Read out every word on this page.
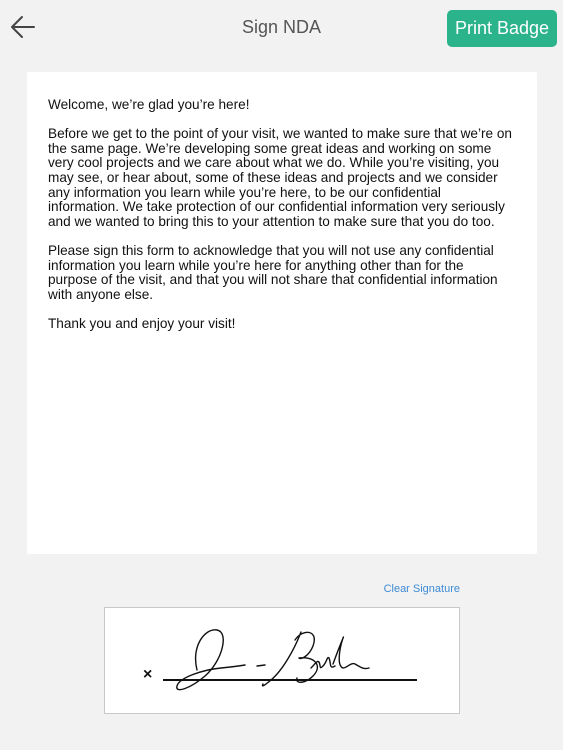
Sign NDA	Print Badge

Welcome, we’re glad you’re here!

Before we get to the point of your visit, we wanted to make sure that we’re on the same page. We’re developing some great ideas and working on some very cool projects and we care about what we do. While you’re visiting, you may see, or hear about, some of these ideas and projects and we consider any information you learn while you’re here, to be our confidential information. We take protection of our confidential information very seriously and we wanted to bring this to your attention to make sure that you do too.

Please sign this form to acknowledge that you will not use any confidential information you learn while you’re here for anything other than for the purpose of the visit, and that you will not share that confidential information with anyone else.

Thank you and enjoy your visit!

Clear Signature
×
